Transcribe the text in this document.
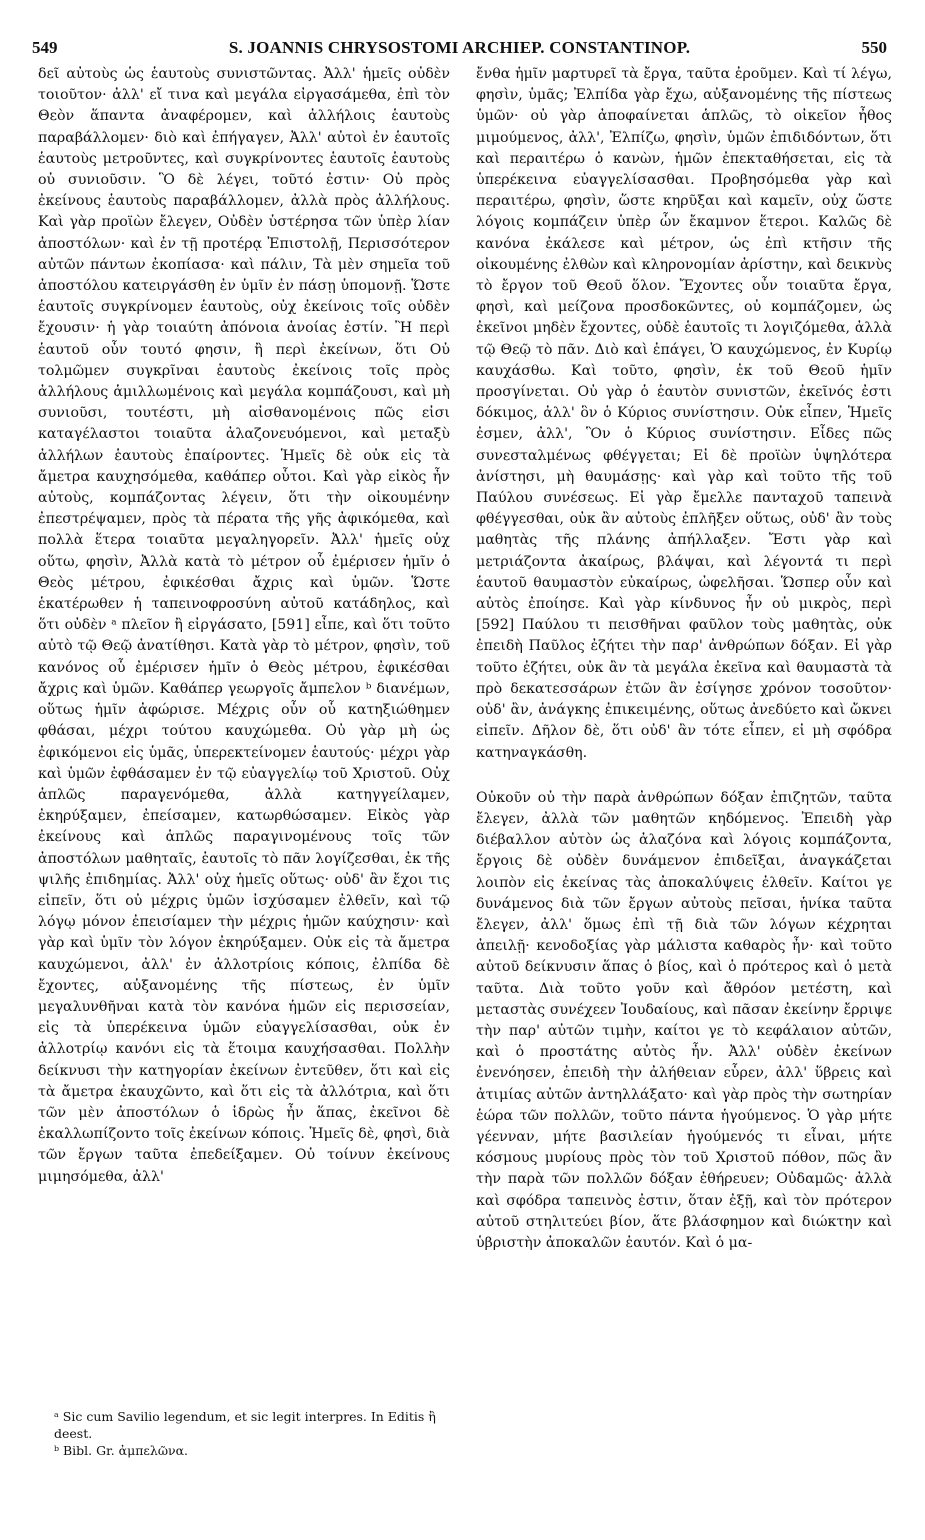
549	S. JOANNIS CHRYSOSTOMI ARCHIEP. CONSTANTINOP.	550

δεῖ αὐτοὺς ὡς ἑαυτοὺς συνιστῶντας. Ἀλλ' ἡμεῖς οὐδὲν τοιοῦτον· ἀλλ' εἴ τινα καὶ μεγάλα εἰργασάμεθα, ἐπὶ τὸν Θεὸν ἅπαντα ἀναφέρομεν, καὶ ἀλλήλοις ἑαυτοὺς παραβάλλομεν· διὸ καὶ ἐπήγαγεν, Ἀλλ' αὐτοὶ ἐν ἑαυτοῖς ἑαυτοὺς μετροῦντες, καὶ συγκρίνοντες ἑαυτοῖς ἑαυτοὺς οὐ συνιοῦσιν. Ὃ δὲ λέγει, τοῦτό ἐστιν· Οὐ πρὸς ἐκείνους ἑαυτοὺς παραβάλλομεν, ἀλλὰ πρὸς ἀλλήλους. Καὶ γὰρ προϊὼν ἔλεγεν, Οὐδὲν ὑστέρησα τῶν ὑπὲρ λίαν ἀποστόλων· καὶ ἐν τῇ προτέρᾳ Ἐπιστολῇ, Περισσότερον αὐτῶν πάντων ἐκοπίασα· καὶ πάλιν, Τὰ μὲν σημεῖα τοῦ ἀποστόλου κατειργάσθη ἐν ὑμῖν ἐν πάσῃ ὑπομονῇ. Ὥστε ἑαυτοῖς συγκρίνομεν ἑαυτοὺς, οὐχ ἐκείνοις τοῖς οὐδὲν ἔχουσιν· ἡ γὰρ τοιαύτη ἀπόνοια ἀνοίας ἐστίν. Ἢ περὶ ἑαυτοῦ οὖν τουτό φησιν, ἢ περὶ ἐκείνων, ὅτι Οὐ τολμῶμεν συγκρῖναι ἑαυτοὺς ἐκείνοις τοῖς πρὸς ἀλλήλους ἁμιλλωμένοις καὶ μεγάλα κομπάζουσι, καὶ μὴ συνιοῦσι, τουτέστι, μὴ αἰσθανομένοις πῶς εἰσι καταγέλαστοι τοιαῦτα ἀλαζονευόμενοι, καὶ μεταξὺ ἀλλήλων ἑαυτοὺς ἐπαίροντες. Ἡμεῖς δὲ οὐκ εἰς τὰ ἄμετρα καυχησόμεθα, καθάπερ οὗτοι. Καὶ γὰρ εἰκὸς ἦν αὐτοὺς, κομπάζοντας λέγειν, ὅτι τὴν οἰκουμένην ἐπεστρέψαμεν, πρὸς τὰ πέρατα τῆς γῆς ἀφικόμεθα, καὶ πολλὰ ἕτερα τοιαῦτα μεγαληγορεῖν. Ἀλλ' ἡμεῖς οὐχ οὕτω, φησὶν, Ἀλλὰ κατὰ τὸ μέτρον οὗ ἐμέρισεν ἡμῖν ὁ Θεὸς μέτρου, ἐφικέσθαι ἄχρις καὶ ὑμῶν. Ὥστε ἑκατέρωθεν ἡ ταπεινοφροσύνη αὐτοῦ κατάδηλος, καὶ ὅτι οὐδὲν ᵃ πλεῖον ἢ εἰργάσατο, [591] εἶπε, καὶ ὅτι τοῦτο αὐτὸ τῷ Θεῷ ἀνατίθησι. Κατὰ γὰρ τὸ μέτρον, φησὶν, τοῦ κανόνος οὗ ἐμέρισεν ἡμῖν ὁ Θεὸς μέτρου, ἐφικέσθαι ἄχρις καὶ ὑμῶν. Καθάπερ γεωργοῖς ἄμπελον ᵇ διανέμων, οὕτως ἡμῖν ἀφώρισε. Μέχρις οὖν οὗ κατηξιώθημεν φθάσαι, μέχρι τούτου καυχώμεθα. Οὐ γὰρ μὴ ὡς ἐφικόμενοι εἰς ὑμᾶς, ὑπερεκτείνομεν ἑαυτούς· μέχρι γὰρ καὶ ὑμῶν ἐφθάσαμεν ἐν τῷ εὐαγγελίῳ τοῦ Χριστοῦ. Οὐχ ἁπλῶς παραγενόμεθα, ἀλλὰ κατηγγείλαμεν, ἐκηρύξαμεν, ἐπείσαμεν, κατωρθώσαμεν. Εἰκὸς γὰρ ἐκείνους καὶ ἁπλῶς παραγινομένους τοῖς τῶν ἀποστόλων μαθηταῖς, ἑαυτοῖς τὸ πᾶν λογίζεσθαι, ἐκ τῆς ψιλῆς ἐπιδημίας. Ἀλλ' οὐχ ἡμεῖς οὕτως· οὐδ' ἂν ἔχοι τις εἰπεῖν, ὅτι οὐ μέχρις ὑμῶν ἰσχύσαμεν ἐλθεῖν, καὶ τῷ λόγῳ μόνον ἐπεισίαμεν τὴν μέχρις ἡμῶν καύχησιν· καὶ γὰρ καὶ ὑμῖν τὸν λόγον ἐκηρύξαμεν. Οὐκ εἰς τὰ ἄμετρα καυχώμενοι, ἀλλ' ἐν ἀλλοτρίοις κόποις, ἐλπίδα δὲ ἔχοντες, αὐξανομένης τῆς πίστεως, ἐν ὑμῖν μεγαλυνθῆναι κατὰ τὸν κανόνα ἡμῶν εἰς περισσείαν, εἰς τὰ ὑπερέκεινα ὑμῶν εὐαγγελίσασθαι, οὐκ ἐν ἀλλοτρίῳ κανόνι εἰς τὰ ἕτοιμα καυχήσασθαι. Πολλὴν δείκνυσι τὴν κατηγορίαν ἐκείνων ἐντεῦθεν, ὅτι καὶ εἰς τὰ ἄμετρα ἐκαυχῶντο, καὶ ὅτι εἰς τὰ ἀλλότρια, καὶ ὅτι τῶν μὲν ἀποστόλων ὁ ἱδρὼς ἦν ἅπας, ἐκεῖνοι δὲ ἐκαλλωπίζοντο τοῖς ἐκείνων κόποις. Ἡμεῖς δὲ, φησὶ, διὰ τῶν ἔργων ταῦτα ἐπεδείξαμεν. Οὐ τοίνυν ἐκείνους μιμησόμεθα, ἀλλ'

ἔνθα ἡμῖν μαρτυρεῖ τὰ ἔργα, ταῦτα ἐροῦμεν. Καὶ τί λέγω, φησὶν, ὑμᾶς; Ἐλπίδα γὰρ ἔχω, αὐξανομένης τῆς πίστεως ὑμῶν· οὐ γὰρ ἀποφαίνεται ἁπλῶς, τὸ οἰκεῖον ἦθος μιμούμενος, ἀλλ', Ἐλπίζω, φησὶν, ὑμῶν ἐπιδιδόντων, ὅτι καὶ περαιτέρω ὁ κανὼν, ἡμῶν ἐπεκταθήσεται, εἰς τὰ ὑπερέκεινα εὐαγγελίσασθαι. Προβησόμεθα γὰρ καὶ περαιτέρω, φησὶν, ὥστε κηρῦξαι καὶ καμεῖν, οὐχ ὥστε λόγοις κομπάζειν ὑπὲρ ὧν ἔκαμνον ἕτεροι. Καλῶς δὲ κανόνα ἐκάλεσε καὶ μέτρον, ὡς ἐπὶ κτῆσιν τῆς οἰκουμένης ἐλθὼν καὶ κληρονομίαν ἀρίστην, καὶ δεικνὺς τὸ ἔργον τοῦ Θεοῦ ὅλον. Ἔχοντες οὖν τοιαῦτα ἔργα, φησὶ, καὶ μείζονα προσδοκῶντες, οὐ κομπάζομεν, ὡς ἐκεῖνοι μηδὲν ἔχοντες, οὐδὲ ἑαυτοῖς τι λογιζόμεθα, ἀλλὰ τῷ Θεῷ τὸ πᾶν. Διὸ καὶ ἐπάγει, Ὁ καυχώμενος, ἐν Κυρίῳ καυχάσθω. Καὶ τοῦτο, φησὶν, ἐκ τοῦ Θεοῦ ἡμῖν προσγίνεται. Οὐ γὰρ ὁ ἑαυτὸν συνιστῶν, ἐκεῖνός ἐστι δόκιμος, ἀλλ' ὃν ὁ Κύριος συνίστησιν. Οὐκ εἶπεν, Ἡμεῖς ἐσμεν, ἀλλ', Ὃν ὁ Κύριος συνίστησιν. Εἶδες πῶς συνεσταλμένως φθέγγεται; Εἰ δὲ προϊὼν ὑψηλότερα ἀνίστησι, μὴ θαυμάσῃς· καὶ γὰρ καὶ τοῦτο τῆς τοῦ Παύλου συνέσεως. Εἰ γὰρ ἔμελλε πανταχοῦ ταπεινὰ φθέγγεσθαι, οὐκ ἂν αὐτοὺς ἐπλῆξεν οὕτως, οὐδ' ἂν τοὺς μαθητὰς τῆς πλάνης ἀπήλλαξεν. Ἔστι γὰρ καὶ μετριάζοντα ἀκαίρως, βλάψαι, καὶ λέγοντά τι περὶ ἑαυτοῦ θαυμαστὸν εὐκαίρως, ὠφελῆσαι. Ὥσπερ οὖν καὶ αὐτὸς ἐποίησε. Καὶ γὰρ κίνδυνος ἦν οὐ μικρὸς, περὶ [592] Παύλου τι πεισθῆναι φαῦλον τοὺς μαθητὰς, οὐκ ἐπειδὴ Παῦλος ἐζήτει τὴν παρ' ἀνθρώπων δόξαν. Εἰ γὰρ τοῦτο ἐζήτει, οὐκ ἂν τὰ μεγάλα ἐκεῖνα καὶ θαυμαστὰ τὰ πρὸ δεκατεσσάρων ἐτῶν ἂν ἐσίγησε χρόνον τοσοῦτον· οὐδ' ἂν, ἀνάγκης ἐπικειμένης, οὕτως ἀνεδύετο καὶ ὤκνει εἰπεῖν. Δῆλον δὲ, ὅτι οὐδ' ἂν τότε εἶπεν, εἰ μὴ σφόδρα κατηναγκάσθη.

Οὐκοῦν οὐ τὴν παρὰ ἀνθρώπων δόξαν ἐπιζητῶν, ταῦτα ἔλεγεν, ἀλλὰ τῶν μαθητῶν κηδόμενος. Ἐπειδὴ γὰρ διέβαλλον αὐτὸν ὡς ἀλαζόνα καὶ λόγοις κομπάζοντα, ἔργοις δὲ οὐδὲν δυνάμενον ἐπιδεῖξαι, ἀναγκάζεται λοιπὸν εἰς ἐκείνας τὰς ἀποκαλύψεις ἐλθεῖν. Καίτοι γε δυνάμενος διὰ τῶν ἔργων αὐτοὺς πεῖσαι, ἡνίκα ταῦτα ἔλεγεν, ἀλλ' ὅμως ἐπὶ τῇ διὰ τῶν λόγων κέχρηται ἀπειλῇ· κενοδοξίας γὰρ μάλιστα καθαρὸς ἦν· καὶ τοῦτο αὐτοῦ δείκνυσιν ἅπας ὁ βίος, καὶ ὁ πρότερος καὶ ὁ μετὰ ταῦτα. Διὰ τοῦτο γοῦν καὶ ἄθρόον μετέστη, καὶ μεταστὰς συνέχεεν Ἰουδαίους, καὶ πᾶσαν ἐκείνην ἔρριψε τὴν παρ' αὐτῶν τιμὴν, καίτοι γε τὸ κεφάλαιον αὐτῶν, καὶ ὁ προστάτης αὐτὸς ἦν. Ἀλλ' οὐδὲν ἐκείνων ἐνενόησεν, ἐπειδὴ τὴν ἀλήθειαν εὗρεν, ἀλλ' ὕβρεις καὶ ἀτιμίας αὐτῶν ἀντηλλάξατο· καὶ γὰρ πρὸς τὴν σωτηρίαν ἑώρα τῶν πολλῶν, τοῦτο πάντα ἡγούμενος. Ὁ γὰρ μήτε γέενναν, μήτε βασιλείαν ἡγούμενός τι εἶναι, μήτε κόσμους μυρίους πρὸς τὸν τοῦ Χριστοῦ πόθον, πῶς ἂν τὴν παρὰ τῶν πολλῶν δόξαν ἐθήρευεν; Οὐδαμῶς· ἀλλὰ καὶ σφόδρα ταπεινὸς ἐστιν, ὅταν ἐξῇ, καὶ τὸν πρότερον αὐτοῦ στηλιτεύει βίον, ἅτε βλάσφημον καὶ διώκτην καὶ ὑβριστὴν ἀποκαλῶν ἑαυτόν. Καὶ ὁ μα-

ᵃ Sic cum Savilio legendum, et sic legit interpres. In Editis ἢ deest.
ᵇ Bibl. Gr. ἀμπελῶνα.
